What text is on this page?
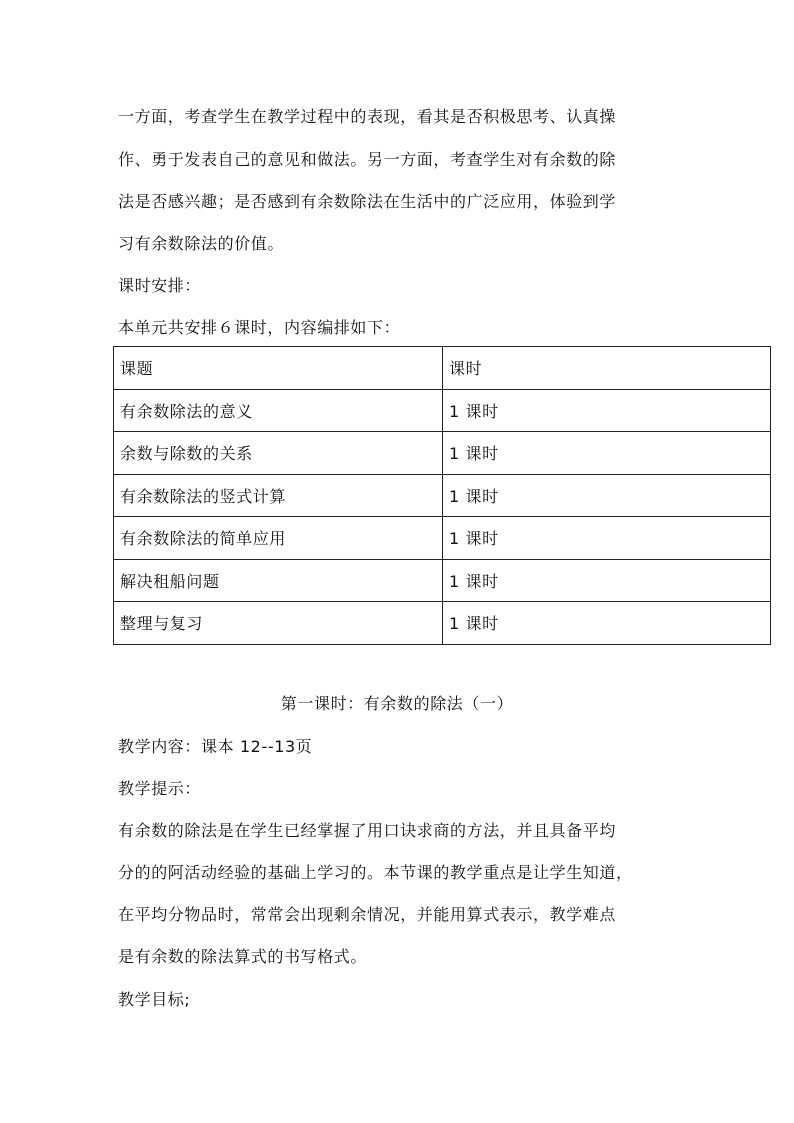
一方面，考查学生在教学过程中的表现，看其是否积极思考、认真操
作、勇于发表自己的意见和做法。另一方面，考查学生对有余数的除
法是否感兴趣；是否感到有余数除法在生活中的广泛应用，体验到学
习有余数除法的价值。
课时安排：
本单元共安排６课时，内容编排如下：
课题	课时
有余数除法的意义	1 课时
余数与除数的关系	1 课时
有余数除法的竖式计算	1 课时
有余数除法的简单应用	1 课时
解决租船问题	1 课时
整理与复习	1 课时
第一课时：有余数的除法（一）
教学内容：课本 12--13页
教学提示：
有余数的除法是在学生已经掌握了用口诀求商的方法，并且具备平均
分的的阿活动经验的基础上学习的。本节课的教学重点是让学生知道，
在平均分物品时，常常会出现剩余情况，并能用算式表示，教学难点
是有余数的除法算式的书写格式。
教学目标;
